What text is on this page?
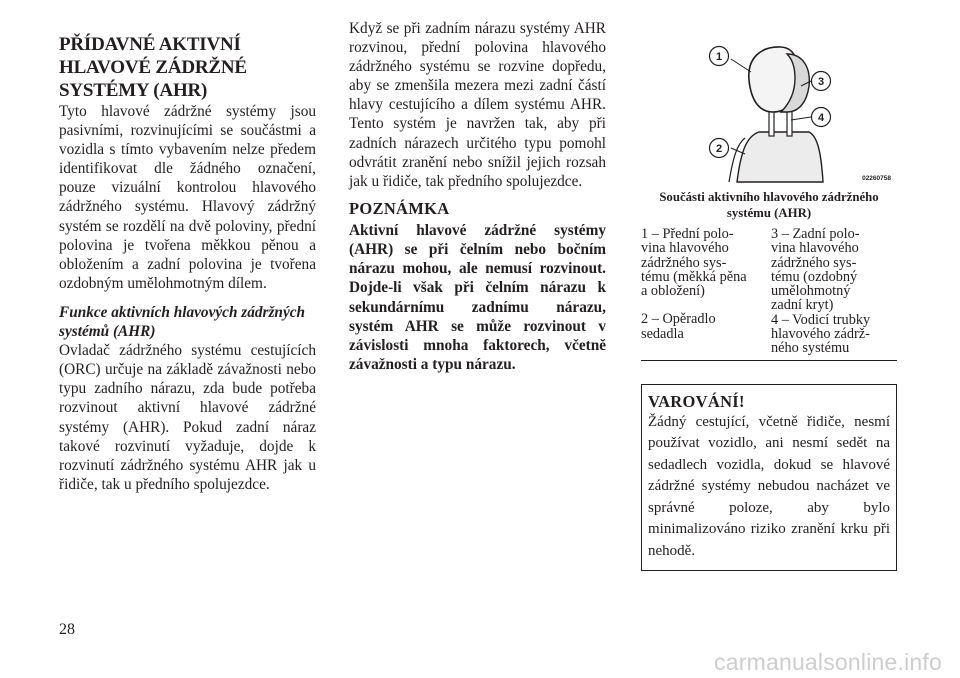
PŘÍDAVNÉ AKTIVNÍ
HLAVOVÉ ZÁDRŽNÉ
SYSTÉMY (AHR)

Tyto hlavové zádržné systémy jsou pasivními, rozvinujícími se součástmi a vozidla s tímto vybavením nelze předem identifikovat dle žádného označení, pouze vizuální kontrolou hlavového zádržného systému. Hlavový zádržný systém se rozdělí na dvě poloviny, přední polovina je tvořena měkkou pěnou a obložením a zadní polovina je tvořena ozdobným umělohmotným dílem.

Funkce aktivních hlavových zádržných
systémů (AHR)

Ovladač zádržného systému cestujících (ORC) určuje na základě závažnosti nebo typu zadního nárazu, zda bude potřeba rozvinout aktivní hlavové zádržné systémy (AHR). Pokud zadní náraz takové rozvinutí vyžaduje, dojde k rozvinutí zádržného systému AHR jak u řidiče, tak u předního spolujezdce.

Když se při zadním nárazu systémy AHR rozvinou, přední polovina hlavového zádržného systému se rozvine dopředu, aby se zmenšila mezera mezi zadní částí hlavy cestujícího a dílem systému AHR. Tento systém je navržen tak, aby při zadních nárazech určitého typu pomohl odvrátit zranění nebo snížil jejich rozsah jak u řidiče, tak předního spolujezdce.

POZNÁMKA

Aktivní hlavové zádržné systémy (AHR) se při čelním nebo bočním nárazu mohou, ale nemusí rozvinout. Dojde-li však při čelním nárazu k sekundárnímu zadnímu nárazu, systém AHR se může rozvinout v závislosti mnoha faktorech, včetně závažnosti a typu nárazu.

1
3
4
2
02260758
Součásti aktivního hlavového zádržného
systému (AHR)
1 – Přední polo-
vina hlavového
zádržného sys-
tému (měkká pěna
a obložení)
2 – Opěradlo
sedadla
3 – Zadní polo-
vina hlavového
zádržného sys-
tému (ozdobný
umělohmotný
zadní kryt)
4 – Vodicí trubky
hlavového zádrž-
ného systému
VAROVÁNÍ!

Žádný cestující, včetně řidiče, nesmí používat vozidlo, ani nesmí sedět na sedadlech vozidla, dokud se hlavové zádržné systémy nebudou nacházet ve správné poloze, aby bylo minimalizováno riziko zranění krku při nehodě.

28
carmanualsonline.info
